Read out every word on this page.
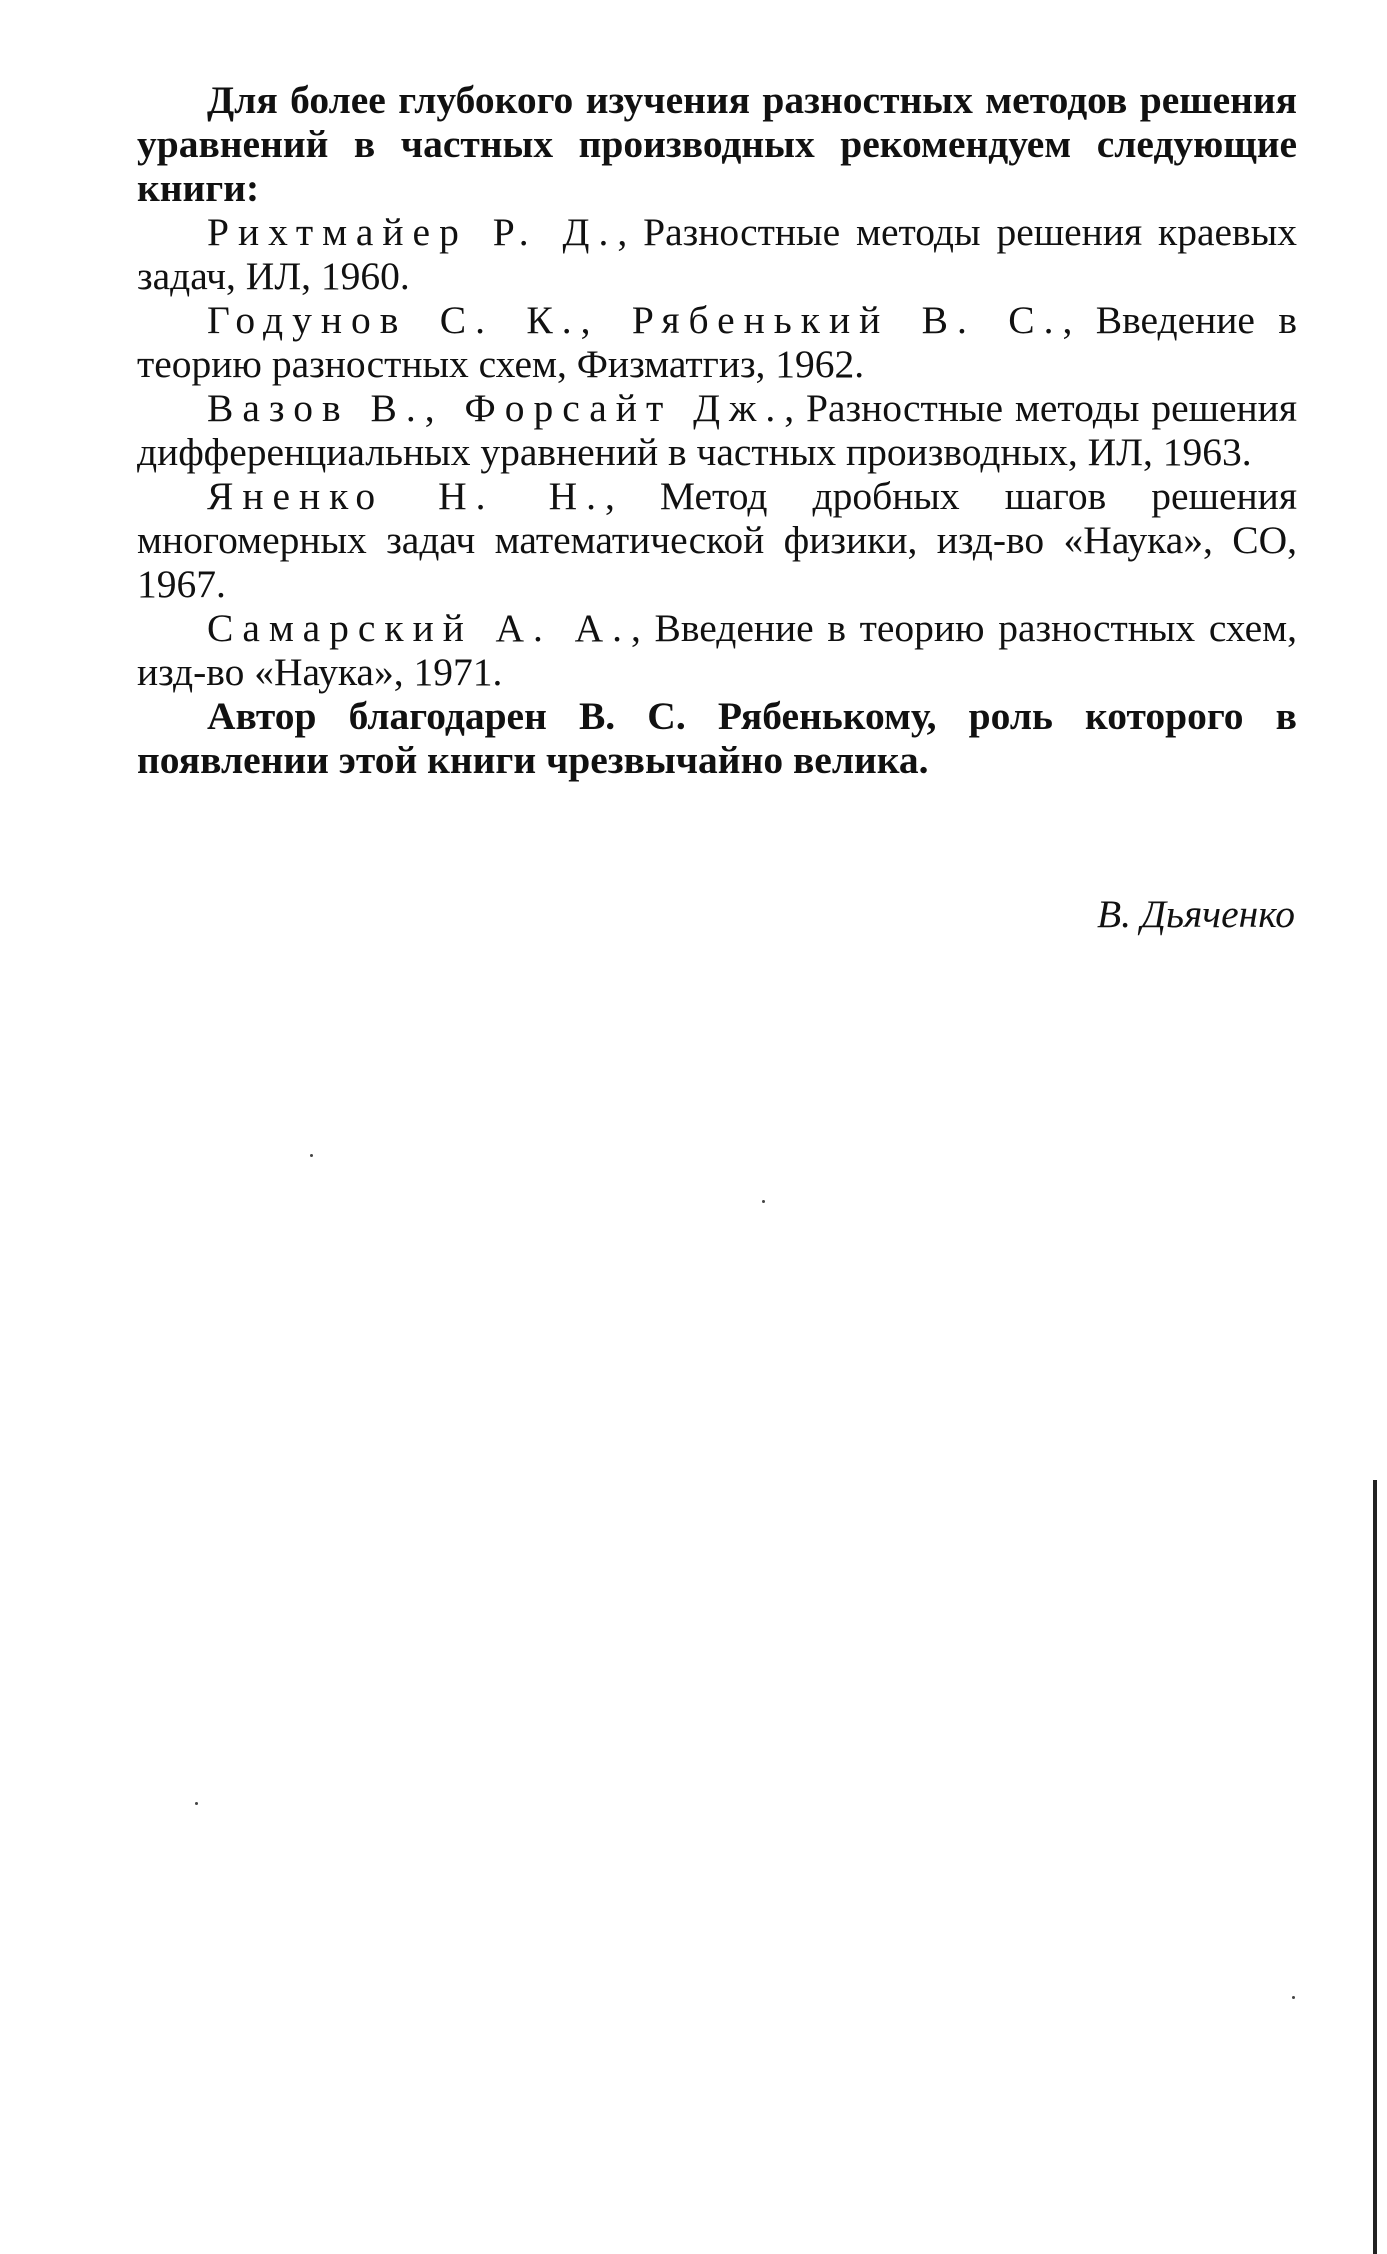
Для более глубокого изучения разностных методов решения уравнений в частных производных рекомендуем следующие книги:

Рихтмайер Р. Д., Разностные методы решения краевых задач, ИЛ, 1960.

Годунов С. К., Рябенький В. С., Введение в теорию разностных схем, Физматгиз, 1962.

Вазов В., Форсайт Дж., Разностные методы решения дифференциальных уравнений в частных производных, ИЛ, 1963.

Яненко Н. Н., Метод дробных шагов решения многомерных задач математической физики, изд-во «Наука», СО, 1967.

Самарский А. А., Введение в теорию разностных схем, изд-во «Наука», 1971.

Автор благодарен В. С. Рябенькому, роль которого в появлении этой книги чрезвычайно велика.

В. Дьяченко
